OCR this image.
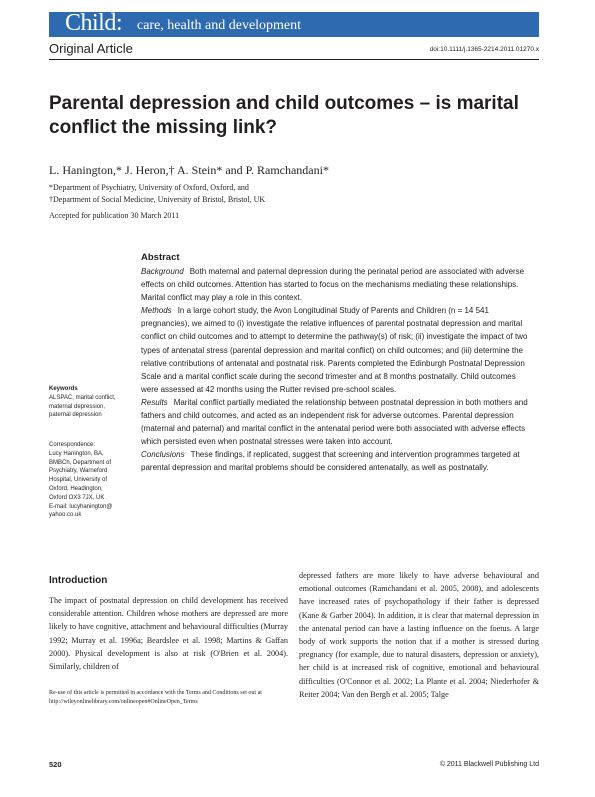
Child: care, health and development
Original Article	doi:10.1111/j.1365-2214.2011.01270.x
Parental depression and child outcomes – is marital
conflict the missing link?
L. Hanington,* J. Heron,† A. Stein* and P. Ramchandani*
*Department of Psychiatry, University of Oxford, Oxford, and
†Department of Social Medicine, University of Bristol, Bristol, UK
Accepted for publication 30 March 2011
Abstract

Background Both maternal and paternal depression during the perinatal period are associated with adverse effects on child outcomes. Attention has started to focus on the mechanisms mediating these relationships. Marital conflict may play a role in this context.

Methods In a large cohort study, the Avon Longitudinal Study of Parents and Children (n = 14 541 pregnancies), we aimed to (i) investigate the relative influences of parental postnatal depression and marital conflict on child outcomes and to attempt to determine the pathway(s) of risk; (ii) investigate the impact of two types of antenatal stress (parental depression and marital conflict) on child outcomes; and (iii) determine the relative contributions of antenatal and postnatal risk. Parents completed the Edinburgh Postnatal Depression Scale and a marital conflict scale during the second trimester and at 8 months postnatally. Child outcomes were assessed at 42 months using the Rutter revised pre-school scales.

Results Marital conflict partially mediated the relationship between postnatal depression in both mothers and fathers and child outcomes, and acted as an independent risk for adverse outcomes. Parental depression (maternal and paternal) and marital conflict in the antenatal period were both associated with adverse effects which persisted even when postnatal stresses were taken into account.

Conclusions These findings, if replicated, suggest that screening and intervention programmes targeted at parental depression and marital problems should be considered antenatally, as well as postnatally.

Keywords
ALSPAC, marital conflict,
maternal depression,
paternal depression
Correspondence:
Lucy Hanington, BA,
BMBCh, Department of
Psychiatry, Warneford
Hospital, University of
Oxford, Headington,
Oxford OX3 7JX, UK
E-mail: lucyhanington@
yahoo.co.uk
Introduction
The impact of postnatal depression on child development has received considerable attention. Children whose mothers are depressed are more likely to have cognitive, attachment and behavioural difficulties (Murray 1992; Murray et al. 1996a; Beardslee et al. 1998; Martins & Gaffan 2000). Physical development is also at risk (O'Brien et al. 2004). Similarly, children of
depressed fathers are more likely to have adverse behavioural and emotional outcomes (Ramchandani et al. 2005, 2008), and adolescents have increased rates of psychopathology if their father is depressed (Kane & Garber 2004). In addition, it is clear that maternal depression in the antenatal period can have a lasting influence on the foetus. A large body of work supports the notion that if a mother is stressed during pregnancy (for example, due to natural disasters, depression or anxiety), her child is at increased risk of cognitive, emotional and behavioural difficulties (O'Connor et al. 2002; La Plante et al. 2004; Niederhofer & Reiter 2004; Van den Bergh et al. 2005; Talge
Re-use of this article is permitted in accordance with the Terms and Conditions set out at http://wileyonlinelibrary.com/onlineopen#OnlineOpen_Terms
520	© 2011 Blackwell Publishing Ltd
